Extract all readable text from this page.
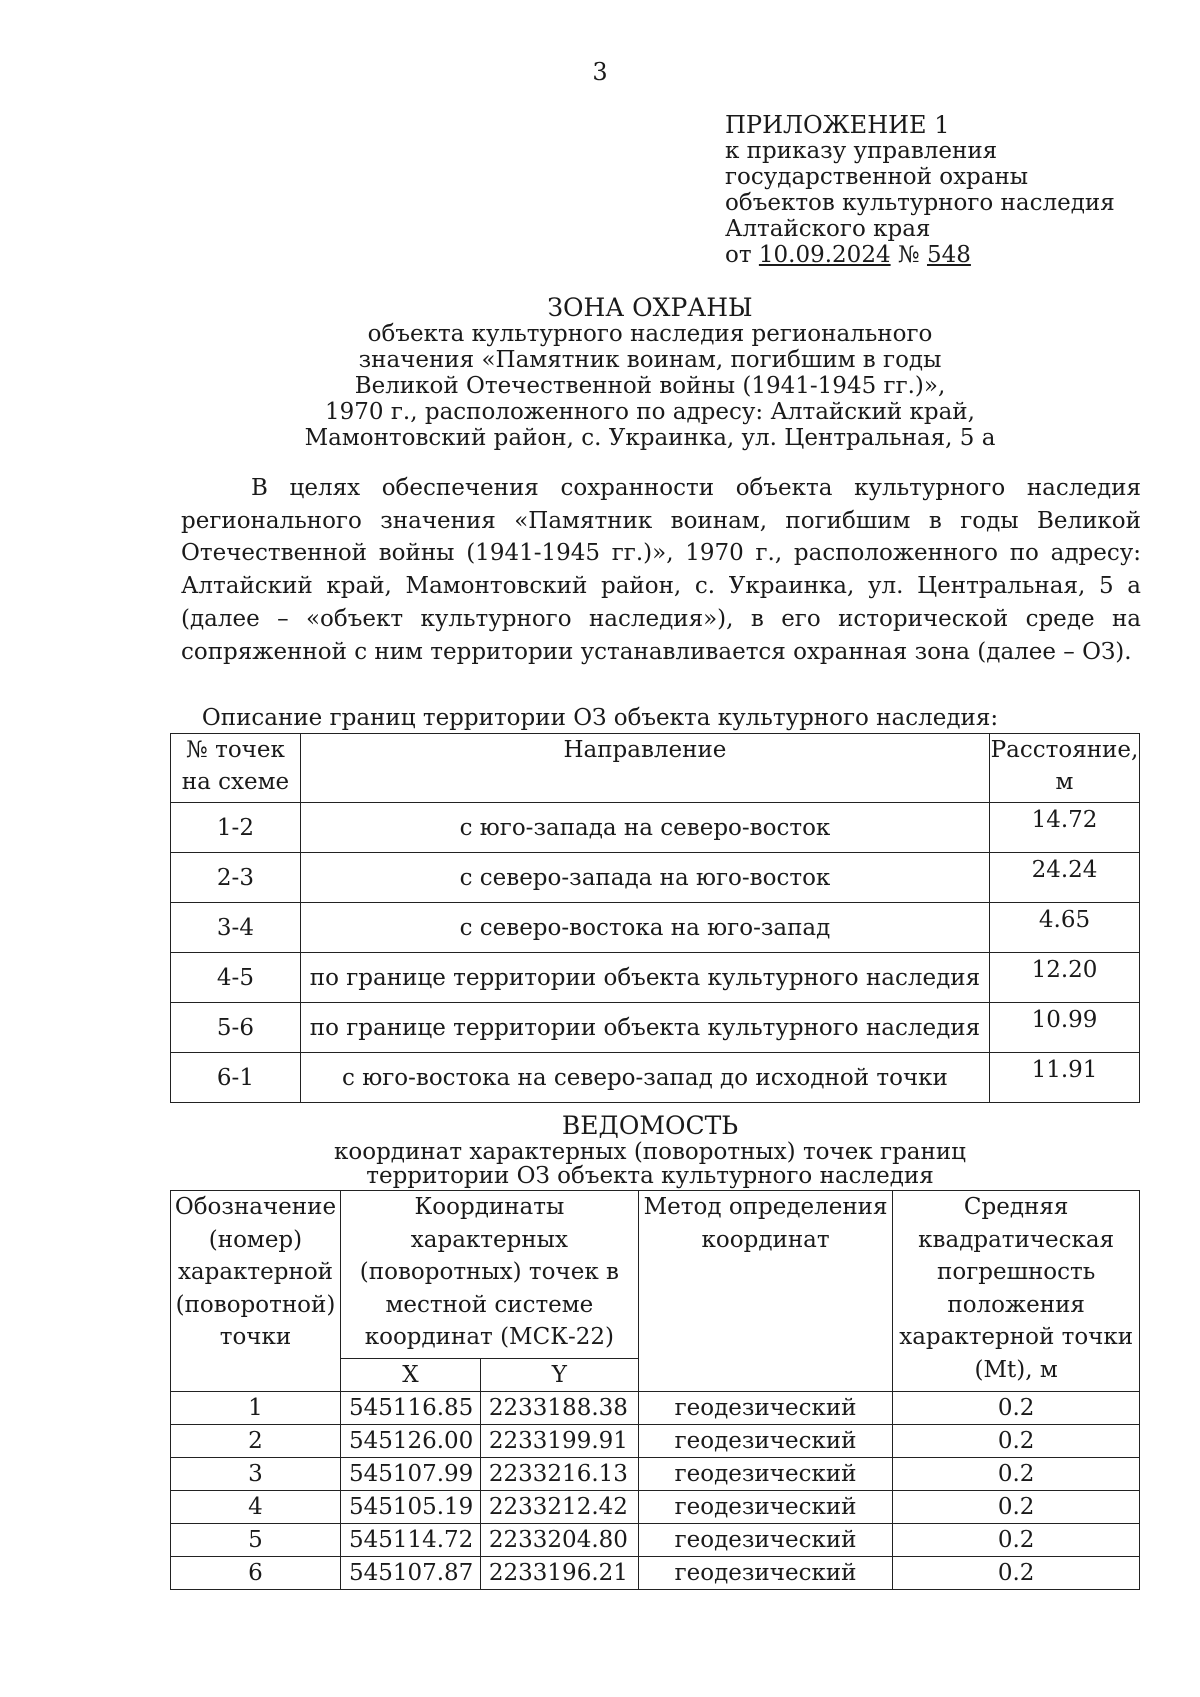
3
ПРИЛОЖЕНИЕ 1
к приказу управления
государственной охраны
объектов культурного наследия
Алтайского края
от 10.09.2024 № 548
ЗОНА ОХРАНЫ
объекта культурного наследия регионального
значения «Памятник воинам, погибшим в годы
Великой Отечественной войны (1941-1945 гг.)»,
1970 г., расположенного по адресу: Алтайский край,
Мамонтовский район, с. Украинка, ул. Центральная, 5 а
В целях обеспечения сохранности объекта культурного наследия регионального значения «Памятник воинам, погибшим в годы Великой Отечественной войны (1941-1945 гг.)», 1970 г., расположенного по адресу: Алтайский край, Мамонтовский район, с. Украинка, ул. Центральная, 5 а (далее – «объект культурного наследия»), в его исторической среде на сопряженной с ним территории устанавливается охранная зона (далее – ОЗ).
Описание границ территории ОЗ объекта культурного наследия:
№ точек на схеме	Направление	Расстояние, м
1-2	с юго-запада на северо-восток	14.72
2-3	с северо-запада на юго-восток	24.24
3-4	с северо-востока на юго-запад	4.65
4-5	по границе территории объекта культурного наследия	12.20
5-6	по границе территории объекта культурного наследия	10.99
6-1	с юго-востока на северо-запад до исходной точки	11.91
ВЕДОМОСТЬ
координат характерных (поворотных) точек границ
территории ОЗ объекта культурного наследия
Обозначение (номер) характерной (поворотной) точки	Координаты характерных (поворотных) точек в местной системе координат (МСК-22)		Метод определения координат	Средняя квадратическая погрешность положения характерной точки (Mt), м
	X	Y		
1	545116.85	2233188.38	геодезический	0.2
2	545126.00	2233199.91	геодезический	0.2
3	545107.99	2233216.13	геодезический	0.2
4	545105.19	2233212.42	геодезический	0.2
5	545114.72	2233204.80	геодезический	0.2
6	545107.87	2233196.21	геодезический	0.2
